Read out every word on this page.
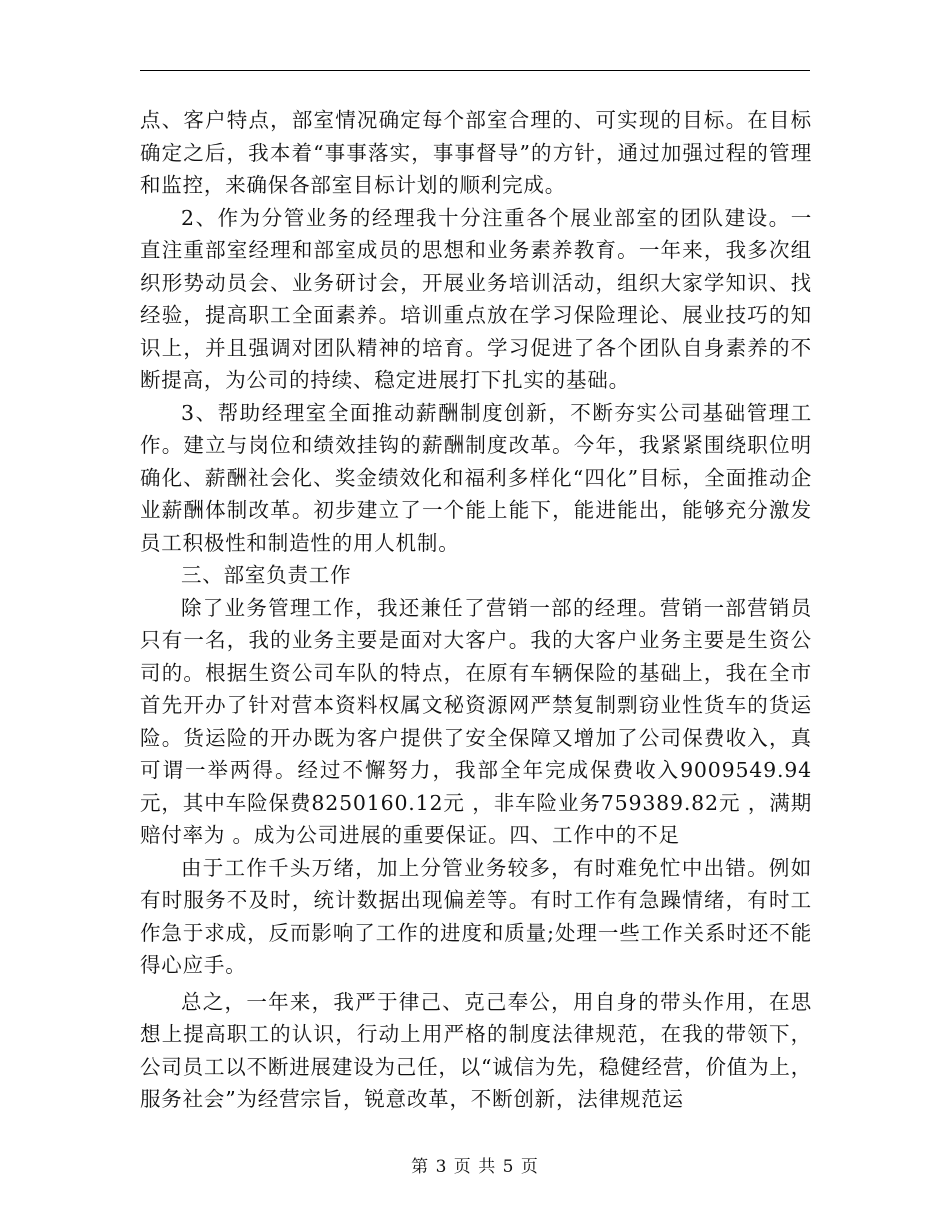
点、客户特点，部室情况确定每个部室合理的、可实现的目标。在目标确定之后，我本着“事事落实，事事督导”的方针，通过加强过程的管理和监控，来确保各部室目标计划的顺利完成。

2、作为分管业务的经理我十分注重各个展业部室的团队建设。一直注重部室经理和部室成员的思想和业务素养教育。一年来，我多次组织形势动员会、业务研讨会，开展业务培训活动，组织大家学知识、找经验，提高职工全面素养。培训重点放在学习保险理论、展业技巧的知识上，并且强调对团队精神的培育。学习促进了各个团队自身素养的不断提高，为公司的持续、稳定进展打下扎实的基础。

3、帮助经理室全面推动薪酬制度创新，不断夯实公司基础管理工作。建立与岗位和绩效挂钩的薪酬制度改革。今年，我紧紧围绕职位明确化、薪酬社会化、奖金绩效化和福利多样化“四化”目标，全面推动企业薪酬体制改革。初步建立了一个能上能下，能进能出，能够充分激发员工积极性和制造性的用人机制。

三、部室负责工作

除了业务管理工作，我还兼任了营销一部的经理。营销一部营销员只有一名，我的业务主要是面对大客户。我的大客户业务主要是生资公司的。根据生资公司车队的特点，在原有车辆保险的基础上，我在全市首先开办了针对营本资料权属文秘资源网严禁复制剽窃业性货车的货运险。货运险的开办既为客户提供了安全保障又增加了公司保费收入，真可谓一举两得。经过不懈努力，我部全年完成保费收入9009549.94元，其中车险保费8250160.12元 ，非车险业务759389.82元 ，满期赔付率为 。成为公司进展的重要保证。四、工作中的不足

由于工作千头万绪，加上分管业务较多，有时难免忙中出错。例如有时服务不及时，统计数据出现偏差等。有时工作有急躁情绪，有时工作急于求成，反而影响了工作的进度和质量;处理一些工作关系时还不能得心应手。

总之，一年来，我严于律己、克己奉公，用自身的带头作用，在思想上提高职工的认识，行动上用严格的制度法律规范，在我的带领下，公司员工以不断进展建设为己任，以“诚信为先，稳健经营，价值为上，服务社会”为经营宗旨，锐意改革，不断创新，法律规范运

第 3 页 共 5 页
